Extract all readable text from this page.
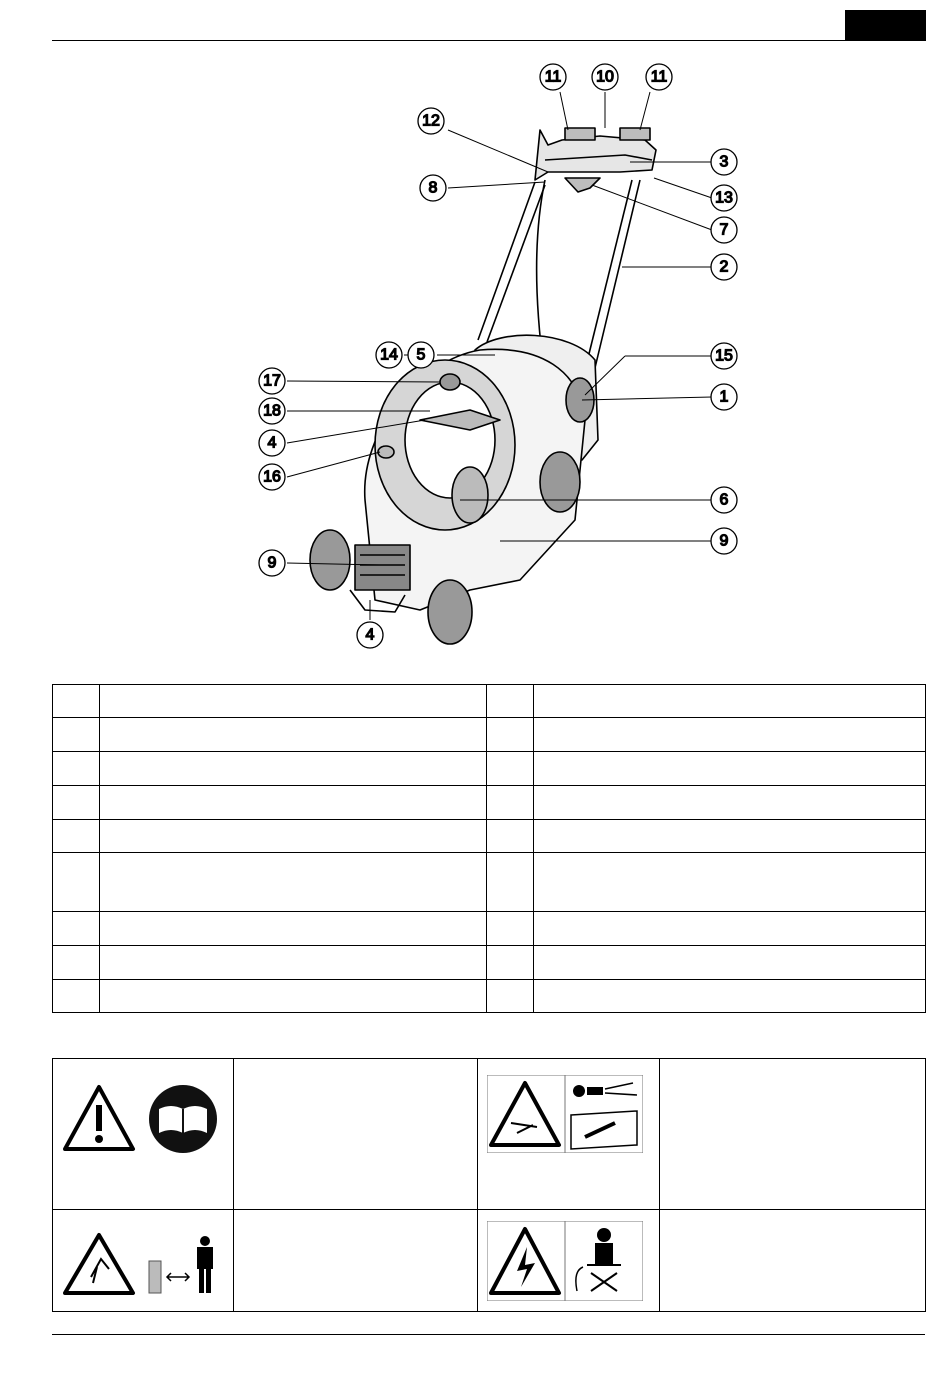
11 10 11
12
8
3
13
7
2
14 5	15
1
17
18
4
16
6
9
9
4
